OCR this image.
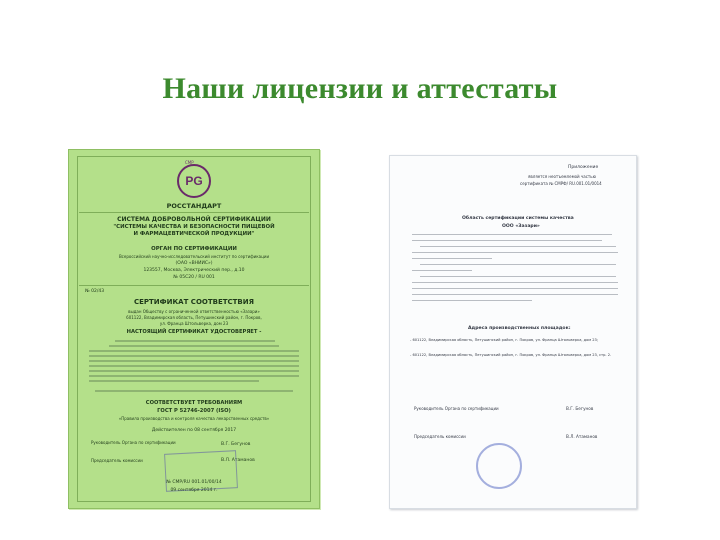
Наши лицензии и аттестаты
СМР
PG
РОССТАНДАРТ
СИСТЕМА ДОБРОВОЛЬНОЙ СЕРТИФИКАЦИИ
"СИСТЕМЫ КАЧЕСТВА И БЕЗОПАСНОСТИ ПИЩЕВОЙ
И ФАРМАЦЕВТИЧЕСКОЙ ПРОДУКЦИИ"
ОРГАН ПО СЕРТИФИКАЦИИ
Всероссийский научно-исследовательский институт по сертификации
(ОАО «ВНИИС»)
123557, Москва, Электрический пер., д.10
№ 05С20 / RU 001
№ 02/43
СЕРТИФИКАТ СООТВЕТСТВИЯ
выдан Обществу с ограниченной ответственностью «Зазари»
601122, Владимирская область, Петушинский район, г. Покров,
ул. Франца Штольверка, дом 23
НАСТОЯЩИЙ СЕРТИФИКАТ УДОСТОВЕРЯЕТ -
СООТВЕТСТВУЕТ ТРЕБОВАНИЯМ
ГОСТ Р 52746-2007 (ISO)
«Правила производства и контроля качества лекарственных средств»
Действителен по 08 сентября 2017
Руководитель Органа по сертификации	В.Г. Бегунов
Председатель комиссии	В.Л. Атаманов
№ СМР/RU 001.01/00/14
09 сентября 2014 г.
Приложение
является неотъемлемой частью
сертификата № СМРФ/ RU.001.01/0014
Область сертификации системы качества
ООО «Зазари»
Адреса производственных площадок:
- 601122, Владимирская область, Петушинский район, г. Покров, ул. Франца Штольверка, дом 23;
- 601122, Владимирская область, Петушинский район, г. Покров, ул. Франца Штольверка, дом 23, стр. 2.
Руководитель Органа по сертификации	В.Г. Бегунов
Председатель комиссии	В.Л. Атаманов
